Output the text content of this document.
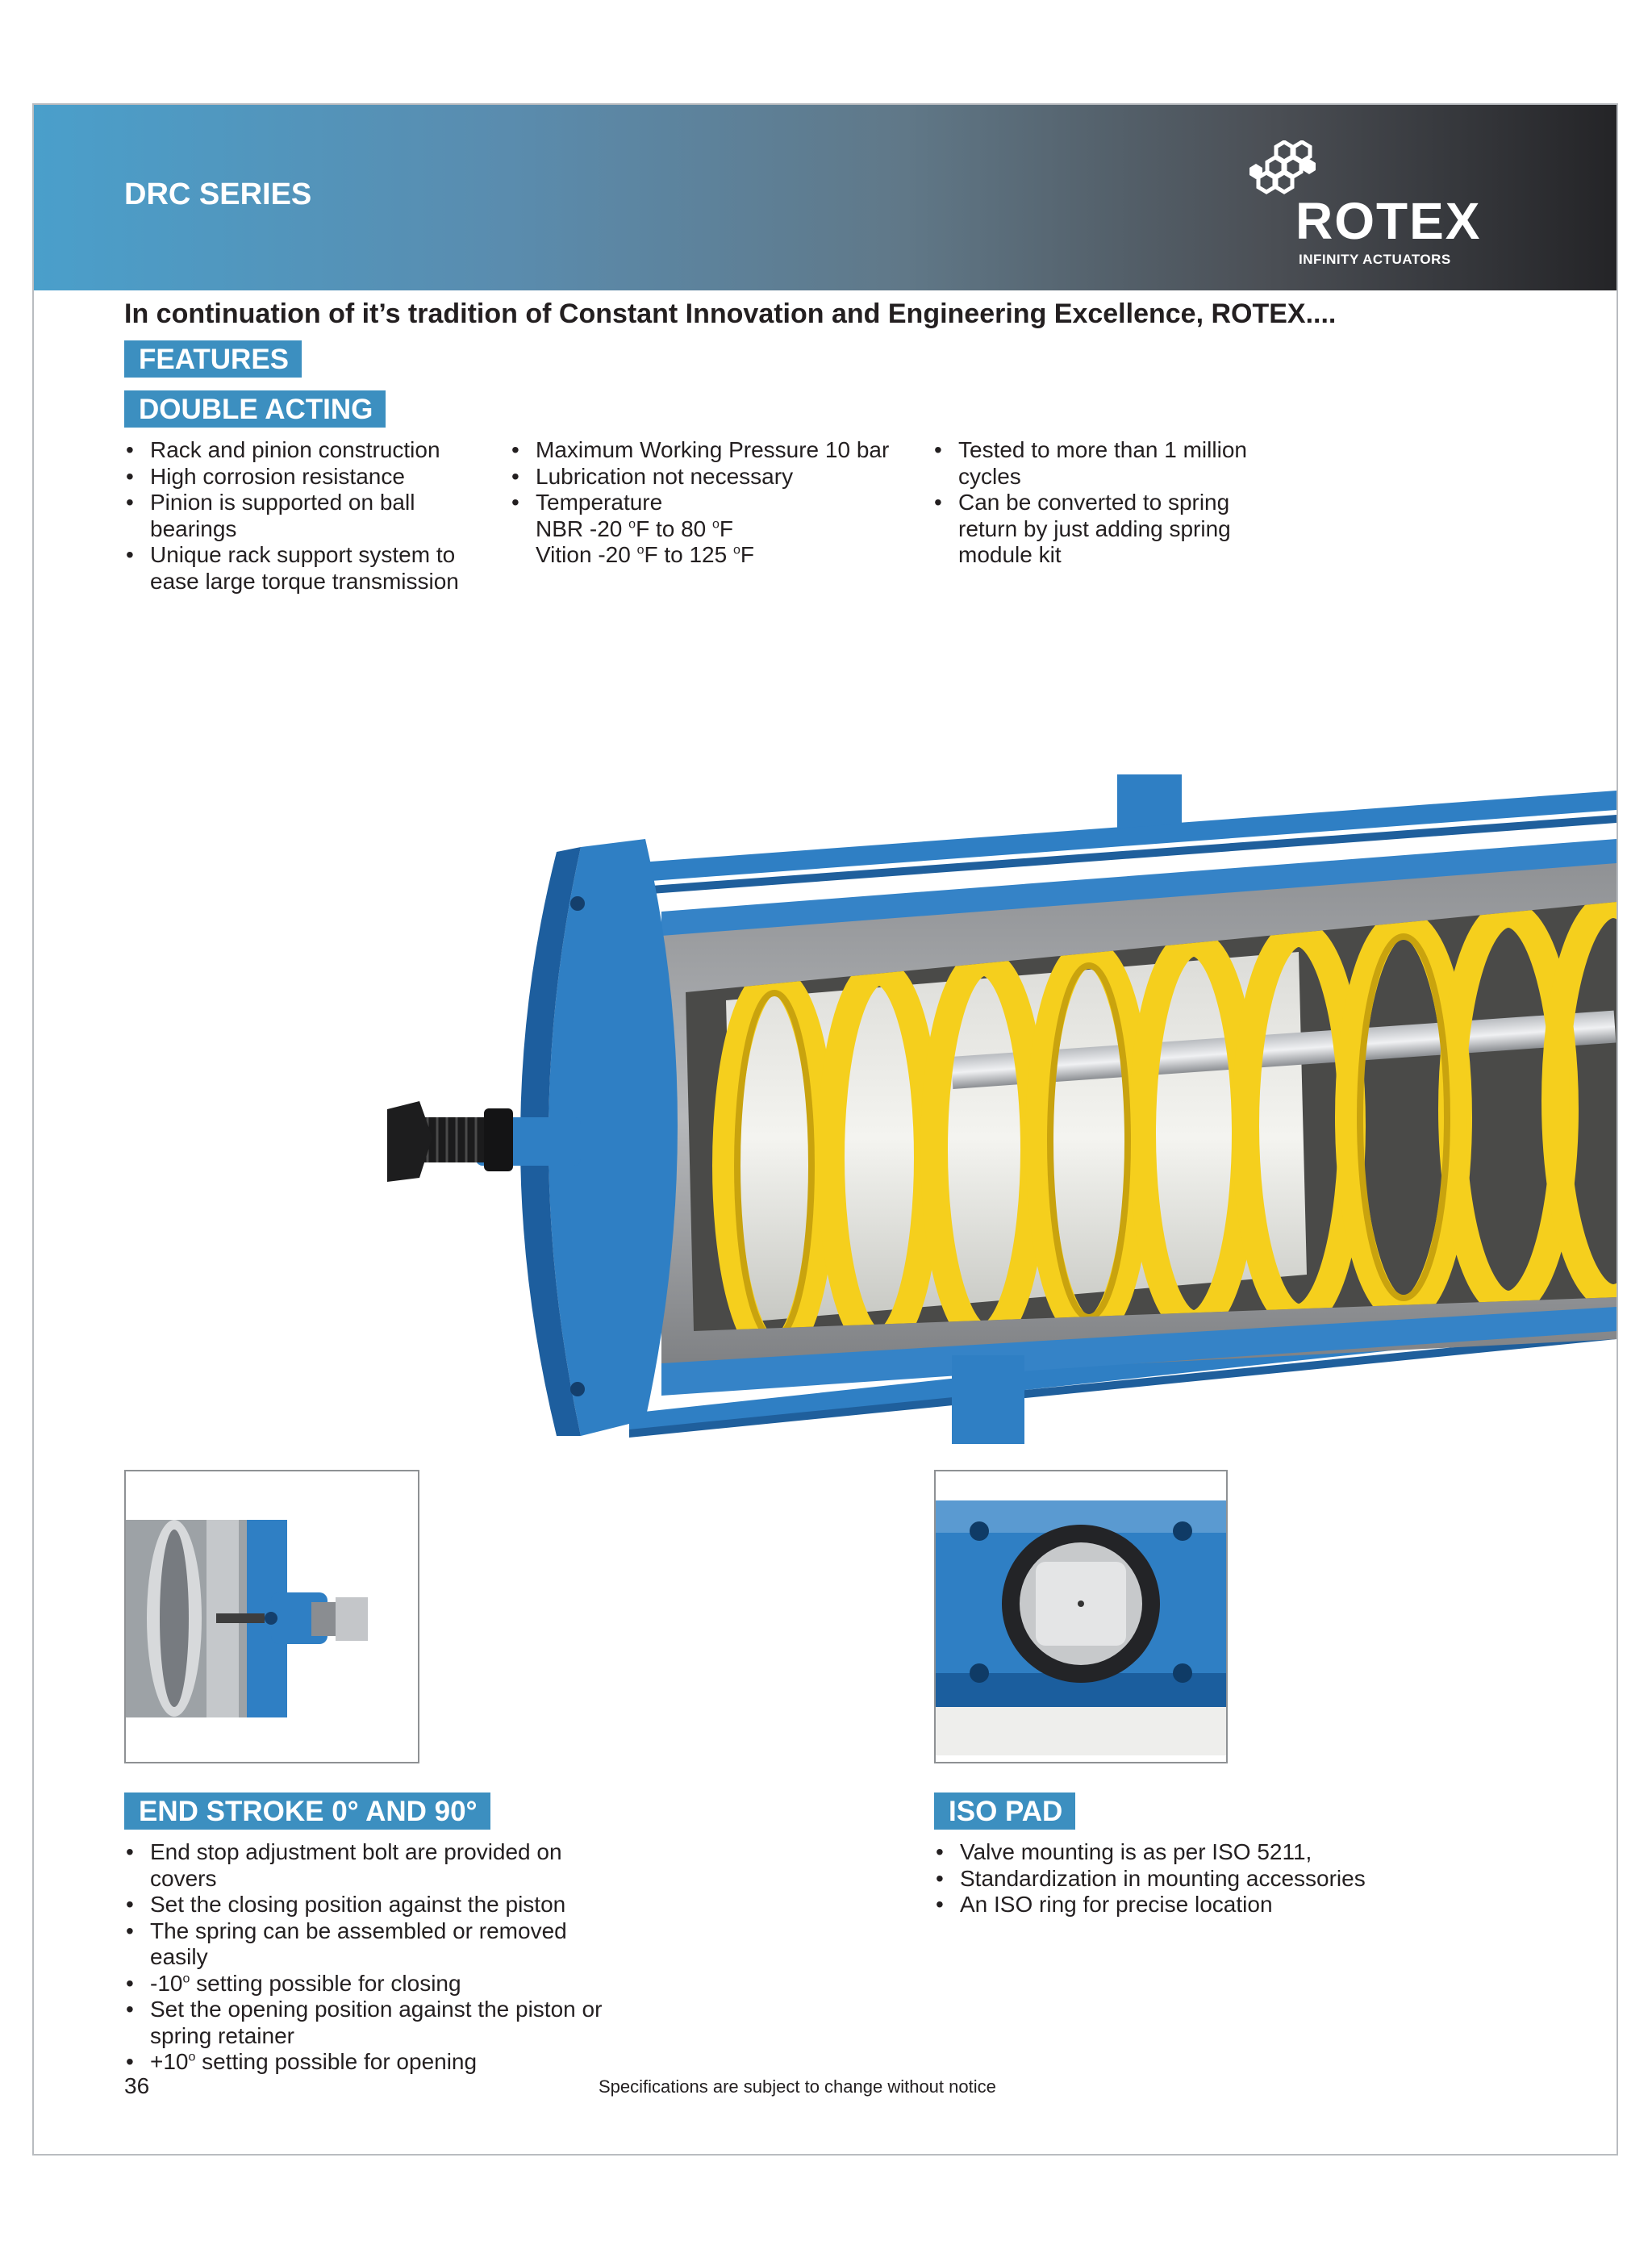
DRC SERIES	ROTEX
INFINITY ACTUATORS
In continuation of it’s tradition of Constant Innovation and Engineering Excellence, ROTEX....
FEATURES
DOUBLE ACTING
• Rack and pinion construction
• High corrosion resistance
• Pinion is supported on ball bearings
• Unique rack support system to ease large torque transmission
• Maximum Working Pressure 10 bar
• Lubrication not necessary
• Temperature
NBR -20 $^o$F to 80 $^o$F
Vition -20 $^o$F to 125 $^o$F
• Tested to more than 1 million cycles
• Can be converted to spring return by just adding spring module kit
END STROKE 0° AND 90°	ISO PAD
• End stop adjustment bolt are provided on covers
• Set the closing position against the piston
• The spring can be assembled or removed easily
• -10$^o$ setting possible for closing
• Set the opening position against the piston or spring retainer
• $+10^o$ setting possible for opening
• Valve mounting is as per ISO 5211,
• Standardization in mounting accessories
• An ISO ring for precise location
36	Specifications are subject to change without notice
